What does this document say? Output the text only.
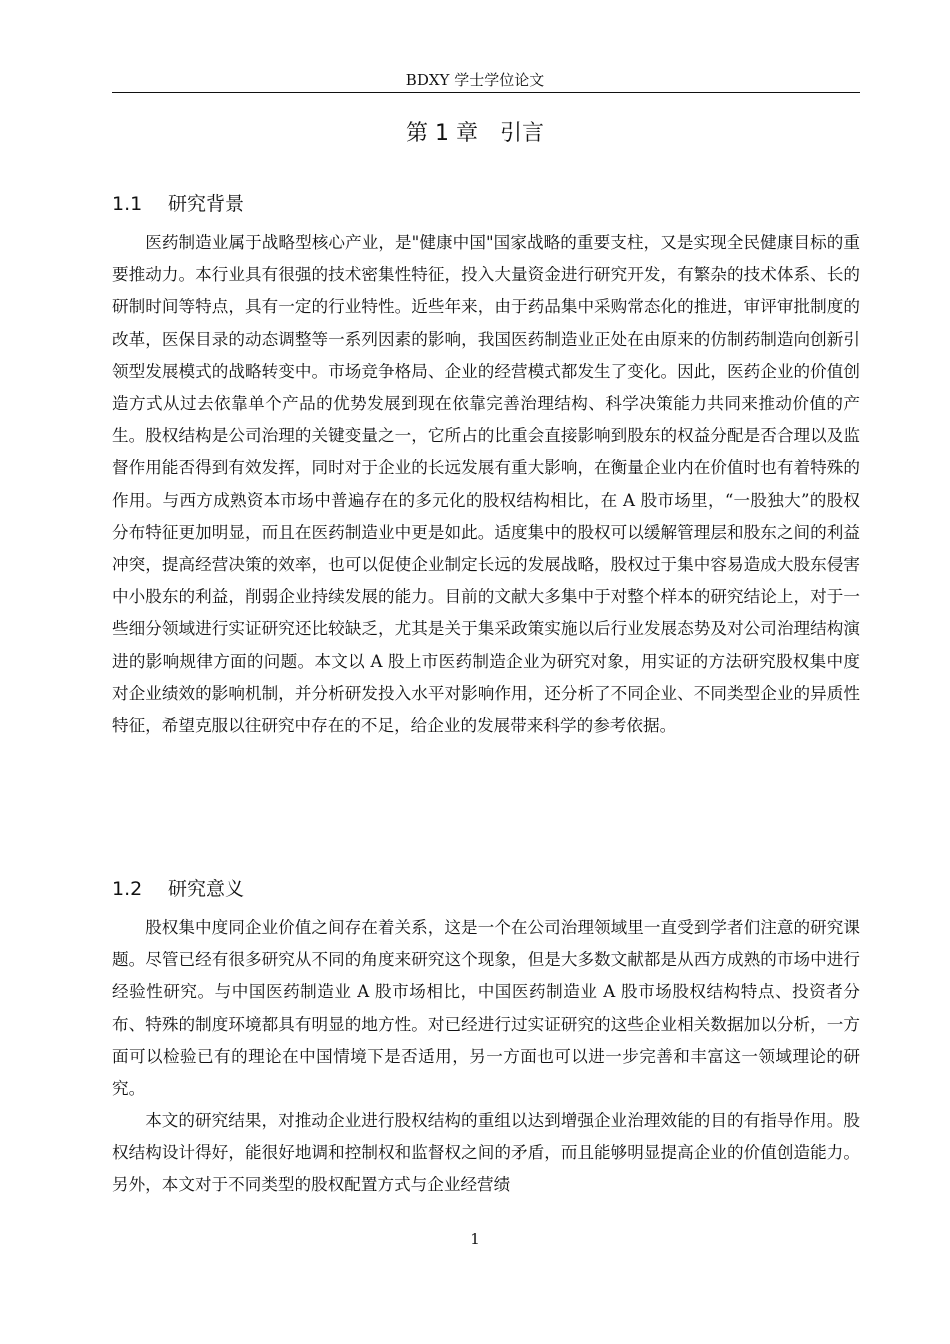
BDXY 学士学位论文
第 1 章　引言
1.1 研究背景

医药制造业属于战略型核心产业，是"健康中国"国家战略的重要支柱，又是实现全民健康目标的重要推动力。本行业具有很强的技术密集性特征，投入大量资金进行研究开发，有繁杂的技术体系、长的研制时间等特点，具有一定的行业特性。近些年来，由于药品集中采购常态化的推进，审评审批制度的改革，医保目录的动态调整等一系列因素的影响，我国医药制造业正处在由原来的仿制药制造向创新引领型发展模式的战略转变中。市场竞争格局、企业的经营模式都发生了变化。因此，医药企业的价值创造方式从过去依靠单个产品的优势发展到现在依靠完善治理结构、科学决策能力共同来推动价值的产生。股权结构是公司治理的关键变量之一，它所占的比重会直接影响到股东的权益分配是否合理以及监督作用能否得到有效发挥，同时对于企业的长远发展有重大影响，在衡量企业内在价值时也有着特殊的作用。与西方成熟资本市场中普遍存在的多元化的股权结构相比，在 A 股市场里，“一股独大”的股权分布特征更加明显，而且在医药制造业中更是如此。适度集中的股权可以缓解管理层和股东之间的利益冲突，提高经营决策的效率，也可以促使企业制定长远的发展战略，股权过于集中容易造成大股东侵害中小股东的利益，削弱企业持续发展的能力。目前的文献大多集中于对整个样本的研究结论上，对于一些细分领域进行实证研究还比较缺乏，尤其是关于集采政策实施以后行业发展态势及对公司治理结构演进的影响规律方面的问题。本文以 A 股上市医药制造企业为研究对象，用实证的方法研究股权集中度对企业绩效的影响机制，并分析研发投入水平对影响作用，还分析了不同企业、不同类型企业的异质性特征，希望克服以往研究中存在的不足，给企业的发展带来科学的参考依据。

1.2 研究意义

股权集中度同企业价值之间存在着关系，这是一个在公司治理领域里一直受到学者们注意的研究课题。尽管已经有很多研究从不同的角度来研究这个现象，但是大多数文献都是从西方成熟的市场中进行经验性研究。与中国医药制造业 A 股市场相比，中国医药制造业 A 股市场股权结构特点、投资者分布、特殊的制度环境都具有明显的地方性。对已经进行过实证研究的这些企业相关数据加以分析，一方面可以检验已有的理论在中国情境下是否适用，另一方面也可以进一步完善和丰富这一领域理论的研究。

本文的研究结果，对推动企业进行股权结构的重组以达到增强企业治理效能的目的有指导作用。股权结构设计得好，能很好地调和控制权和监督权之间的矛盾，而且能够明显提高企业的价值创造能力。另外，本文对于不同类型的股权配置方式与企业经营绩

1
